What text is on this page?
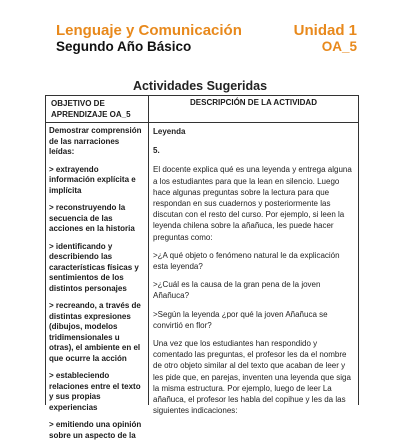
Lenguaje y Comunicación
Segundo Año Básico
Unidad 1
OA_5
Actividades Sugeridas
OBJETIVO DE APRENDIZAJE OA_5
DESCRIPCIÓN DE LA ACTIVIDAD
Demostrar comprensión de las narraciones leídas:
> extrayendo información explícita e implícita
> reconstruyendo la secuencia de las acciones en la historia
> identificando y describiendo las características físicas y sentimientos de los distintos personajes
> recreando, a través de distintas expresiones (dibujos, modelos tridimensionales u otras), el ambiente en el que ocurre la acción
> estableciendo relaciones entre el texto y sus propias experiencias
> emitiendo una opinión sobre un aspecto de la
Leyenda
5.

El docente explica qué es una leyenda y entrega alguna a los estudiantes para que la lean en silencio. Luego hace algunas preguntas sobre la lectura para que respondan en sus cuadernos y posteriormente las discutan con el resto del curso. Por ejemplo, si leen la leyenda chilena sobre la añañuca, les puede hacer preguntas como:

>¿A qué objeto o fenómeno natural le da explicación esta leyenda?

>¿Cuál es la causa de la gran pena de la joven Añañuca?

>Según la leyenda ¿por qué la joven Añañuca se convirtió en flor?

Una vez que los estudiantes han respondido y comentado las preguntas, el profesor les da el nombre de otro objeto similar al del texto que acaban de leer y les pide que, en parejas, inventen una leyenda que siga la misma estructura. Por ejemplo, luego de leer La añañuca, el profesor les habla del copihue y les da las siguientes indicaciones:
